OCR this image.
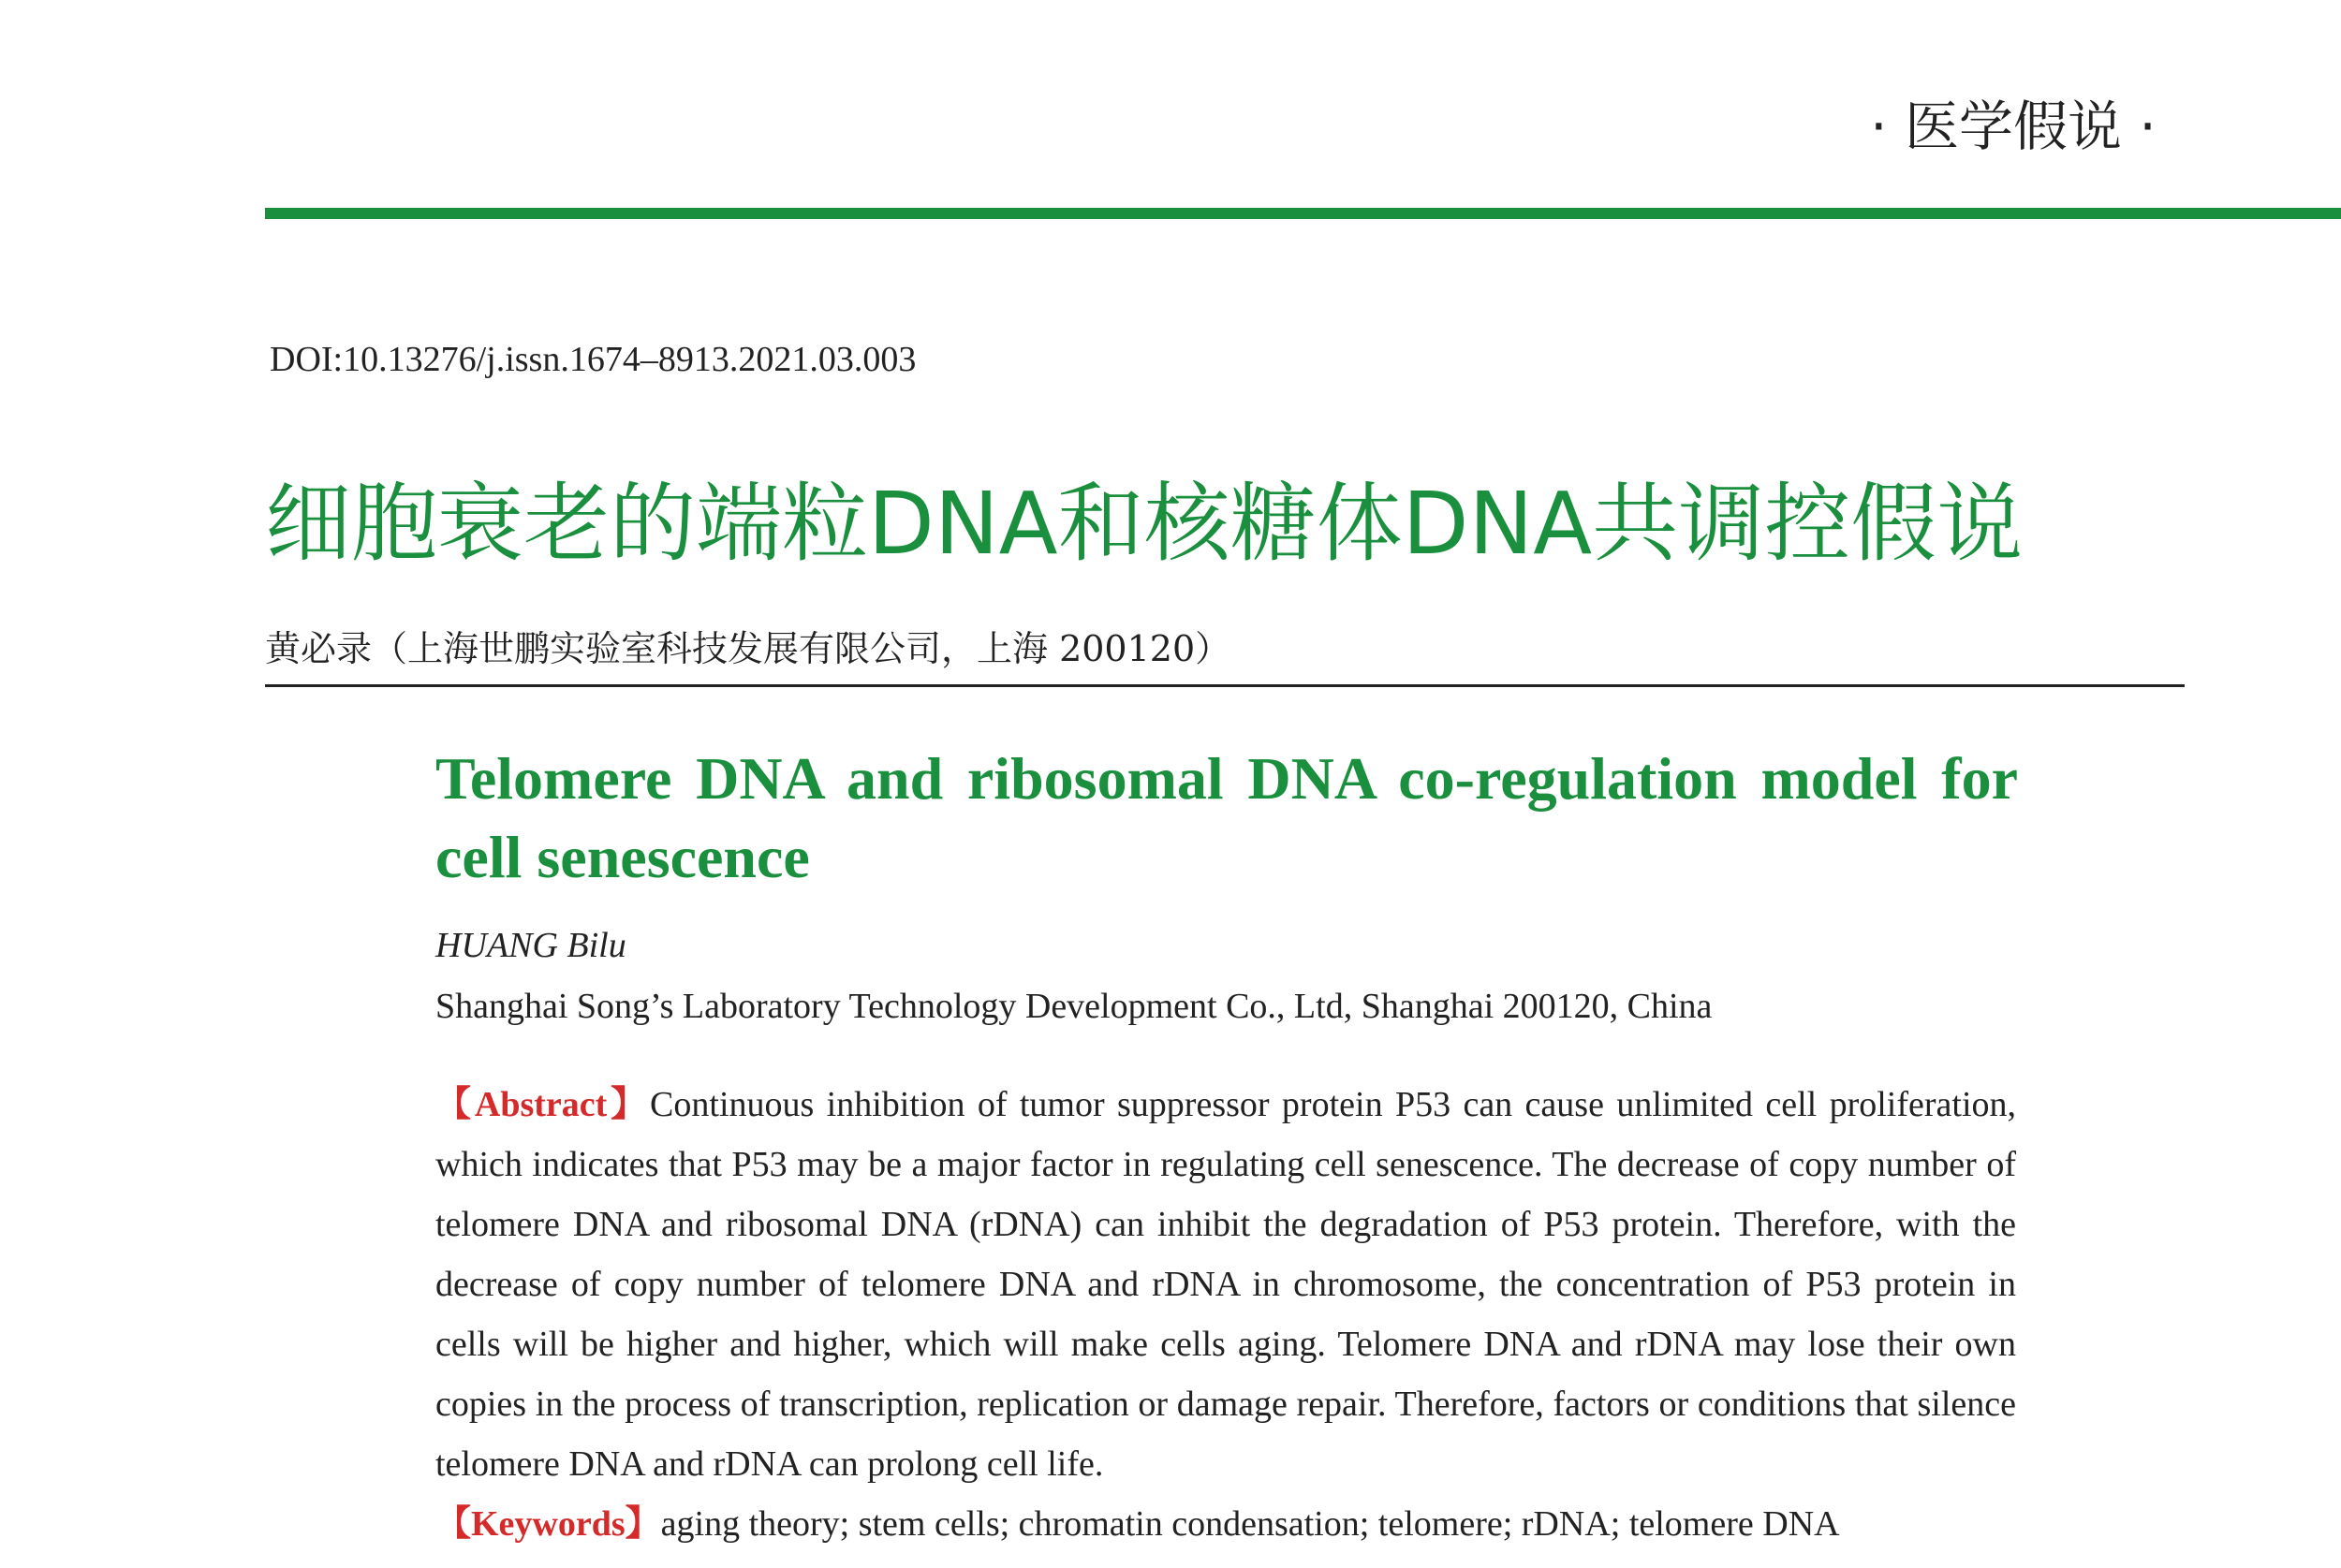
· 医学假说 ·
DOI:10.13276/j.issn.1674–8913.2021.03.003
细胞衰老的端粒DNA和核糖体DNA共调控假说
黄必录（上海世鹏实验室科技发展有限公司，上海 200120）
Telomere DNA and ribosomal DNA co-regulation model for cell senescence
HUANG Bilu
Shanghai Song’s Laboratory Technology Development Co., Ltd, Shanghai 200120, China

【Abstract】Continuous inhibition of tumor suppressor protein P53 can cause unlimited cell proliferation, which indicates that P53 may be a major factor in regulating cell senescence. The decrease of copy number of telomere DNA and ribosomal DNA (rDNA) can inhibit the degradation of P53 protein. Therefore, with the decrease of copy number of telomere DNA and rDNA in chromosome, the concentration of P53 protein in cells will be higher and higher, which will make cells aging. Telomere DNA and rDNA may lose their own copies in the process of transcription, replication or damage repair. Therefore, factors or conditions that silence telomere DNA and rDNA can prolong cell life.

【Keywords】aging theory; stem cells; chromatin condensation; telomere; rDNA; telomere DNA
